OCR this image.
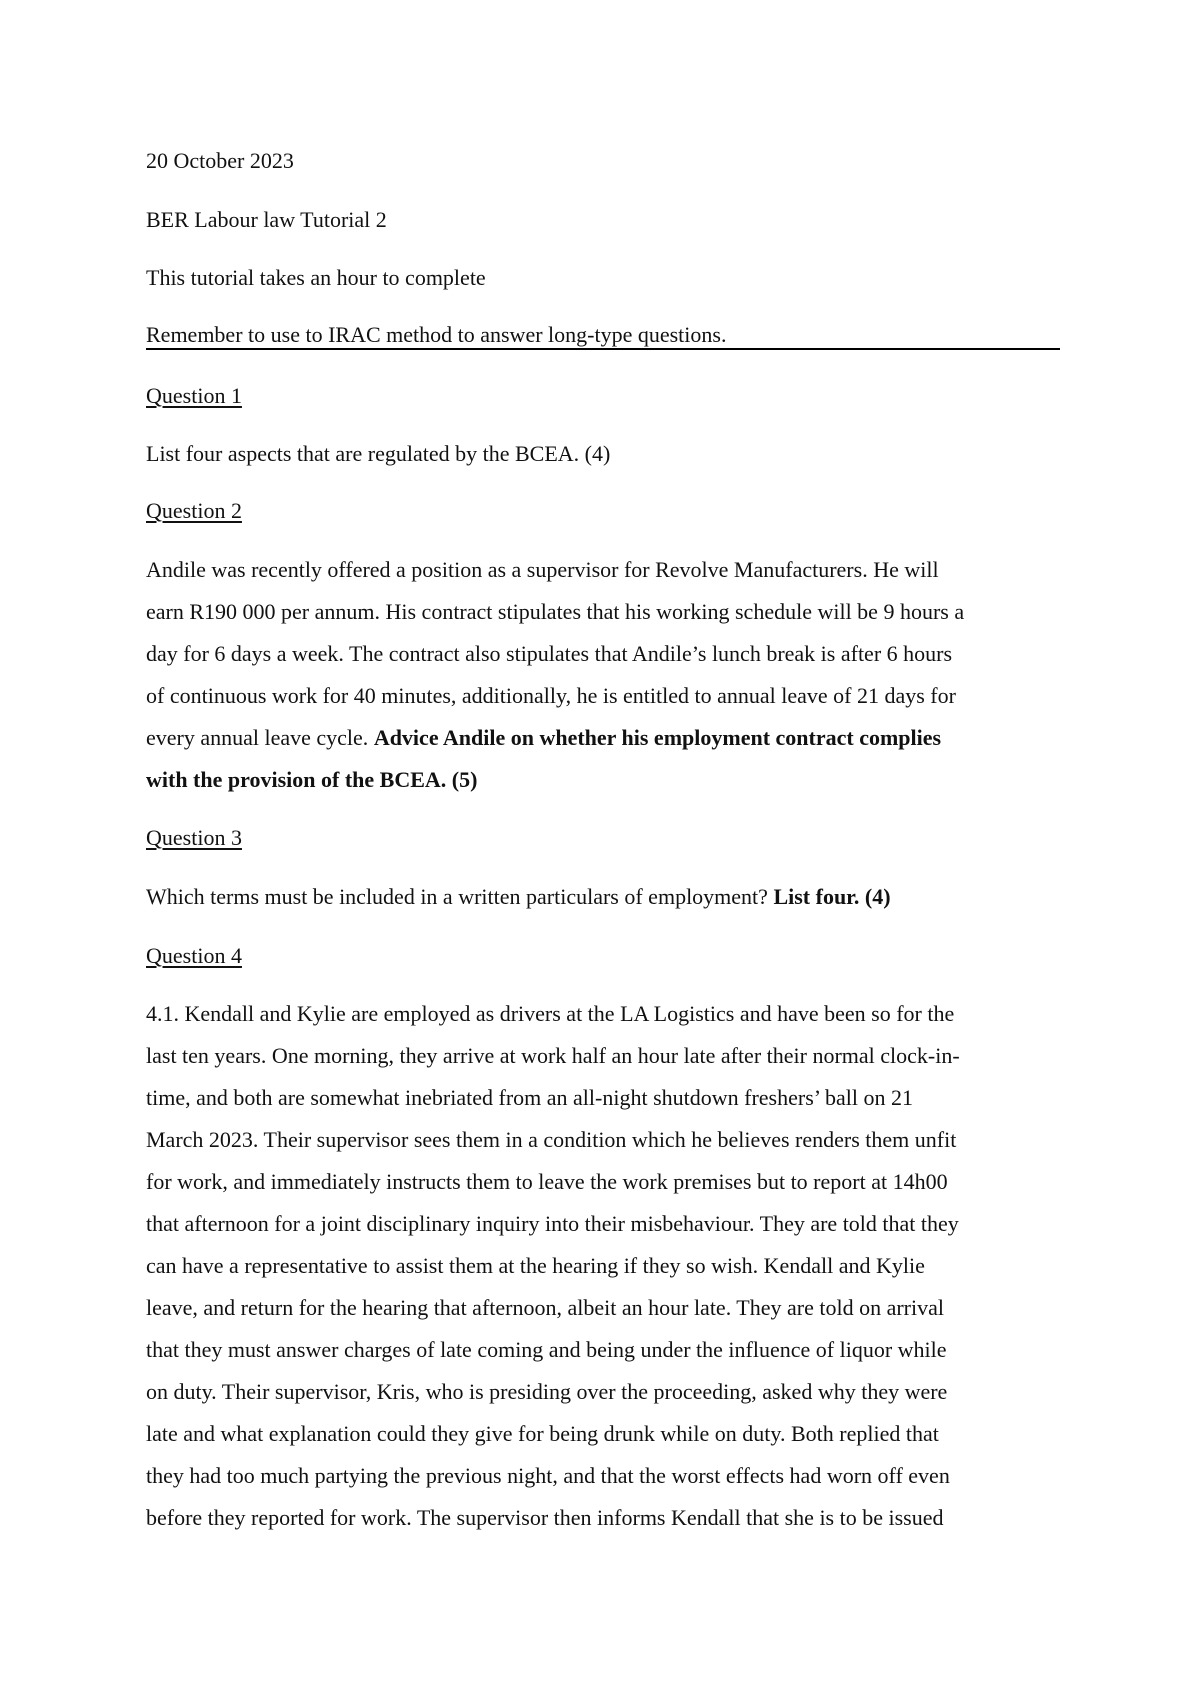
20 October 2023

BER Labour law Tutorial 2

This tutorial takes an hour to complete

Remember to use to IRAC method to answer long-type questions.

Question 1

List four aspects that are regulated by the BCEA. (4)

Question 2

Andile was recently offered a position as a supervisor for Revolve Manufacturers. He will

earn R190 000 per annum. His contract stipulates that his working schedule will be 9 hours a

day for 6 days a week. The contract also stipulates that Andile’s lunch break is after 6 hours

of continuous work for 40 minutes, additionally, he is entitled to annual leave of 21 days for

every annual leave cycle. Advice Andile on whether his employment contract complies

with the provision of the BCEA. (5)

Question 3

Which terms must be included in a written particulars of employment? List four. (4)

Question 4

4.1. Kendall and Kylie are employed as drivers at the LA Logistics and have been so for the

last ten years. One morning, they arrive at work half an hour late after their normal clock-in-

time, and both are somewhat inebriated from an all-night shutdown freshers’ ball on 21

March 2023. Their supervisor sees them in a condition which he believes renders them unfit

for work, and immediately instructs them to leave the work premises but to report at 14h00

that afternoon for a joint disciplinary inquiry into their misbehaviour. They are told that they

can have a representative to assist them at the hearing if they so wish. Kendall and Kylie

leave, and return for the hearing that afternoon, albeit an hour late. They are told on arrival

that they must answer charges of late coming and being under the influence of liquor while

on duty. Their supervisor, Kris, who is presiding over the proceeding, asked why they were

late and what explanation could they give for being drunk while on duty. Both replied that

they had too much partying the previous night, and that the worst effects had worn off even

before they reported for work. The supervisor then informs Kendall that she is to be issued
